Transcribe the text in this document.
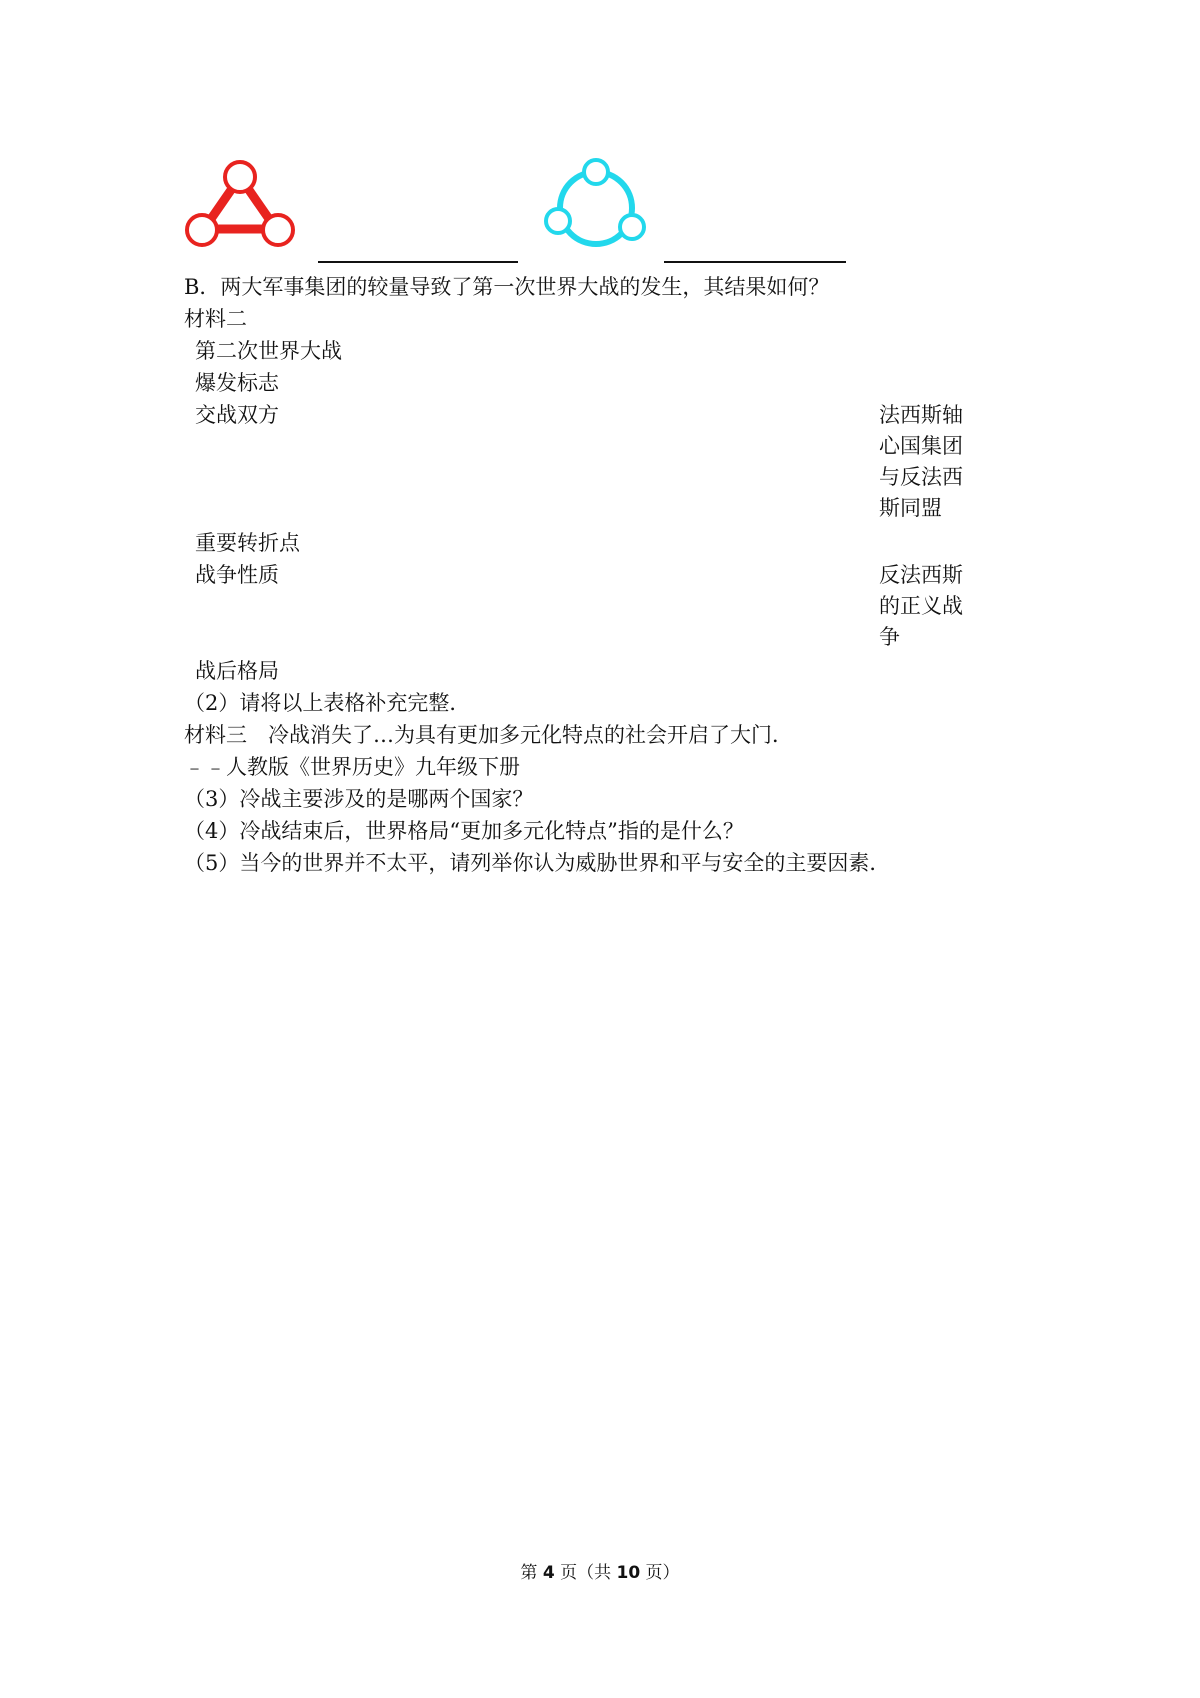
B．两大军事集团的较量导致了第一次世界大战的发生，其结果如何？
材料二
第二次世界大战
爆发标志
交战双方	法西斯轴心国集团与反法西斯同盟
重要转折点
战争性质	反法西斯的正义战争
战后格局
（2）请将以上表格补充完整．
材料三　冷战消失了…为具有更加多元化特点的社会开启了大门．
﹣﹣人教版《世界历史》九年级下册
（3）冷战主要涉及的是哪两个国家？
（4）冷战结束后，世界格局“更加多元化特点”指的是什么？
（5）当今的世界并不太平，请列举你认为威胁世界和平与安全的主要因素．
第 4 页（共 10 页）
